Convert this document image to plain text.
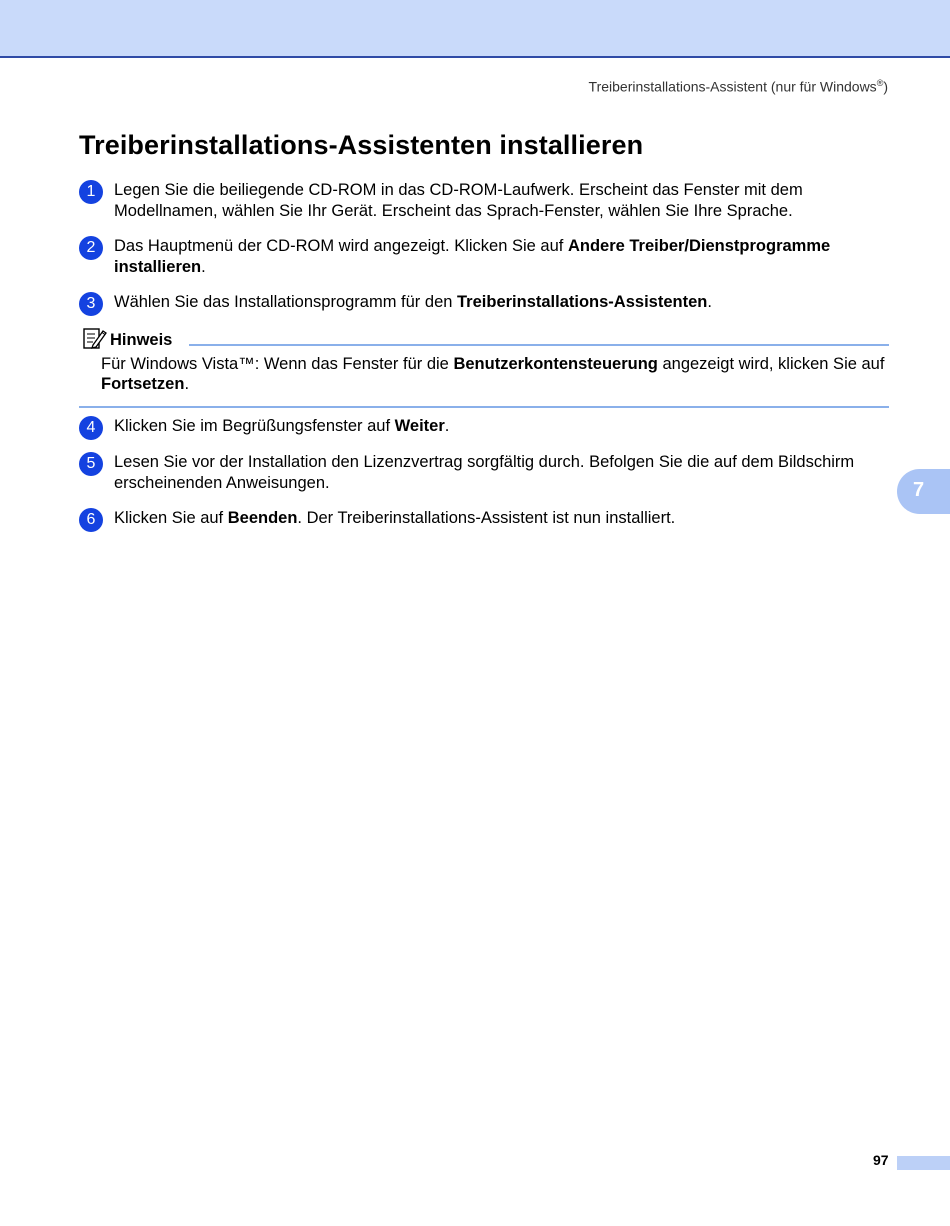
Treiberinstallations-Assistent (nur für Windows®)
Treiberinstallations-Assistenten installieren
1	Legen Sie die beiliegende CD-ROM in das CD-ROM-Laufwerk. Erscheint das Fenster mit dem Modellnamen, wählen Sie Ihr Gerät. Erscheint das Sprach-Fenster, wählen Sie Ihre Sprache.
2	Das Hauptmenü der CD-ROM wird angezeigt. Klicken Sie auf Andere Treiber/Dienstprogramme installieren.
3	Wählen Sie das Installationsprogramm für den Treiberinstallations-Assistenten.
Hinweis
Für Windows Vista™: Wenn das Fenster für die Benutzerkontensteuerung angezeigt wird, klicken Sie auf Fortsetzen.
4	Klicken Sie im Begrüßungsfenster auf Weiter.
5	Lesen Sie vor der Installation den Lizenzvertrag sorgfältig durch. Befolgen Sie die auf dem Bildschirm erscheinenden Anweisungen.
6	Klicken Sie auf Beenden. Der Treiberinstallations-Assistent ist nun installiert.
7
97
